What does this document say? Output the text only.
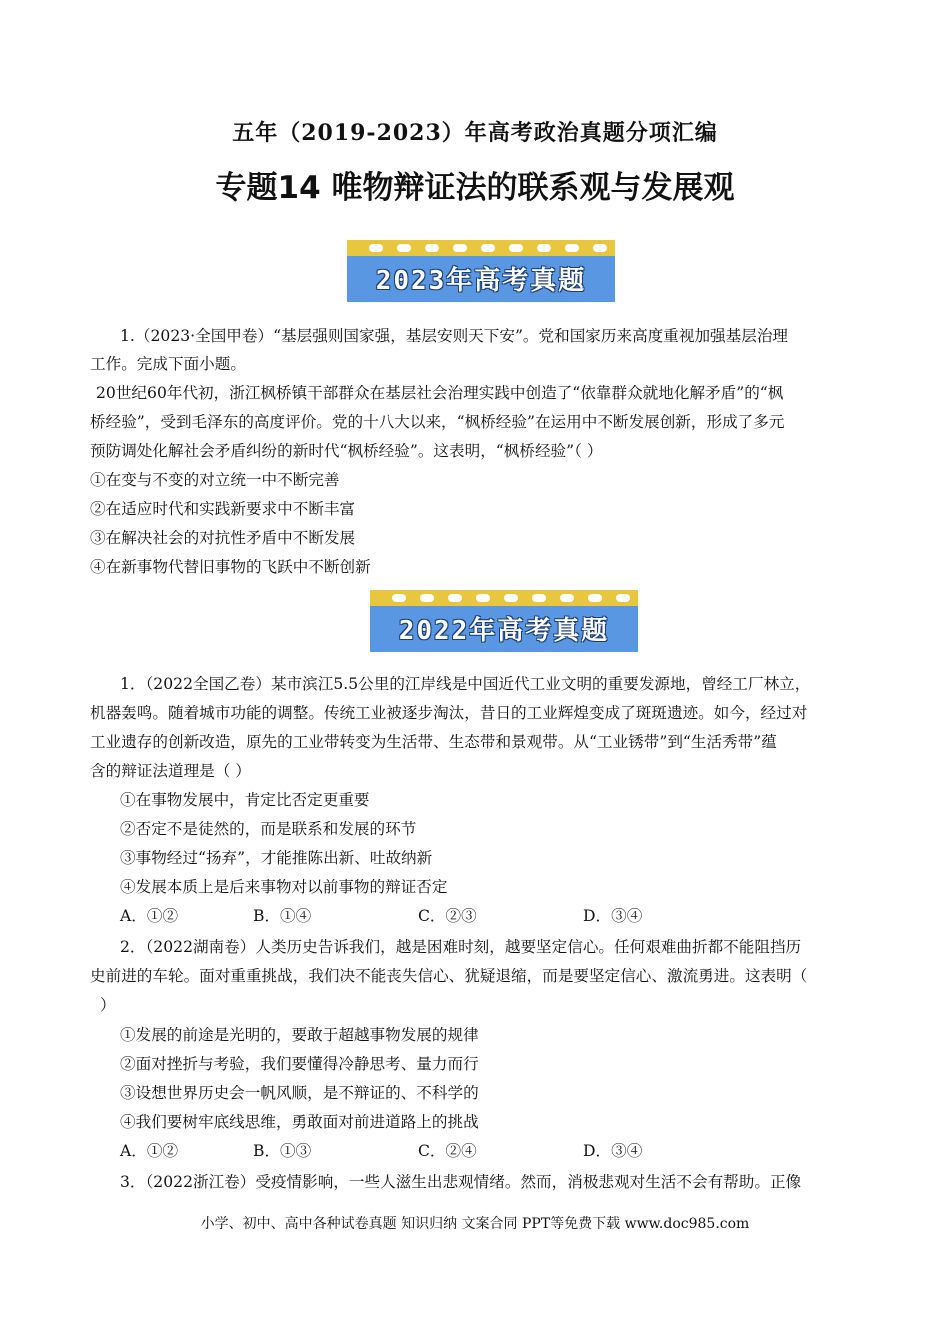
五年（2019-2023）年高考政治真题分项汇编
专题14 唯物辩证法的联系观与发展观
2023年高考真题
1.（2023·全国甲卷）“基层强则国家强，基层安则天下安”。党和国家历来高度重视加强基层治理
工作。完成下面小题。
20世纪60年代初，浙江枫桥镇干部群众在基层社会治理实践中创造了“依靠群众就地化解矛盾”的“枫
桥经验”，受到毛泽东的高度评价。党的十八大以来，“枫桥经验”在运用中不断发展创新，形成了多元
预防调处化解社会矛盾纠纷的新时代“枫桥经验”。这表明，“枫桥经验”（ ）
①在变与不变的对立统一中不断完善
②在适应时代和实践新要求中不断丰富
③在解决社会的对抗性矛盾中不断发展
④在新事物代替旧事物的飞跃中不断创新
2022年高考真题
1．（2022全国乙卷）某市滨江5.5公里的江岸线是中国近代工业文明的重要发源地，曾经工厂林立，
机器轰鸣。随着城市功能的调整。传统工业被逐步淘汰，昔日的工业辉煌变成了斑斑遗迹。如今，经过对
工业遗存的创新改造，原先的工业带转变为生活带、生态带和景观带。从“工业锈带”到“生活秀带”蕴
含的辩证法道理是（ ）
①在事物发展中，肯定比否定更重要
②否定不是徒然的，而是联系和发展的环节
③事物经过“扬弃”，才能推陈出新、吐故纳新
④发展本质上是后来事物对以前事物的辩证否定
A．①②	B．①④	C．②③	D．③④
2．（2022湖南卷）人类历史告诉我们，越是困难时刻，越要坚定信心。任何艰难曲折都不能阻挡历
史前进的车轮。面对重重挑战，我们决不能丧失信心、犹疑退缩，而是要坚定信心、激流勇进。这表明（
）
①发展的前途是光明的，要敢于超越事物发展的规律
②面对挫折与考验，我们要懂得冷静思考、量力而行
③设想世界历史会一帆风顺，是不辩证的、不科学的
④我们要树牢底线思维，勇敢面对前进道路上的挑战
A．①②	B．①③	C．②④	D．③④
3．（2022浙江卷）受疫情影响，一些人滋生出悲观情绪。然而，消极悲观对生活不会有帮助。正像
小学、初中、高中各种试卷真题 知识归纳 文案合同 PPT等免费下载 www.doc985.com
